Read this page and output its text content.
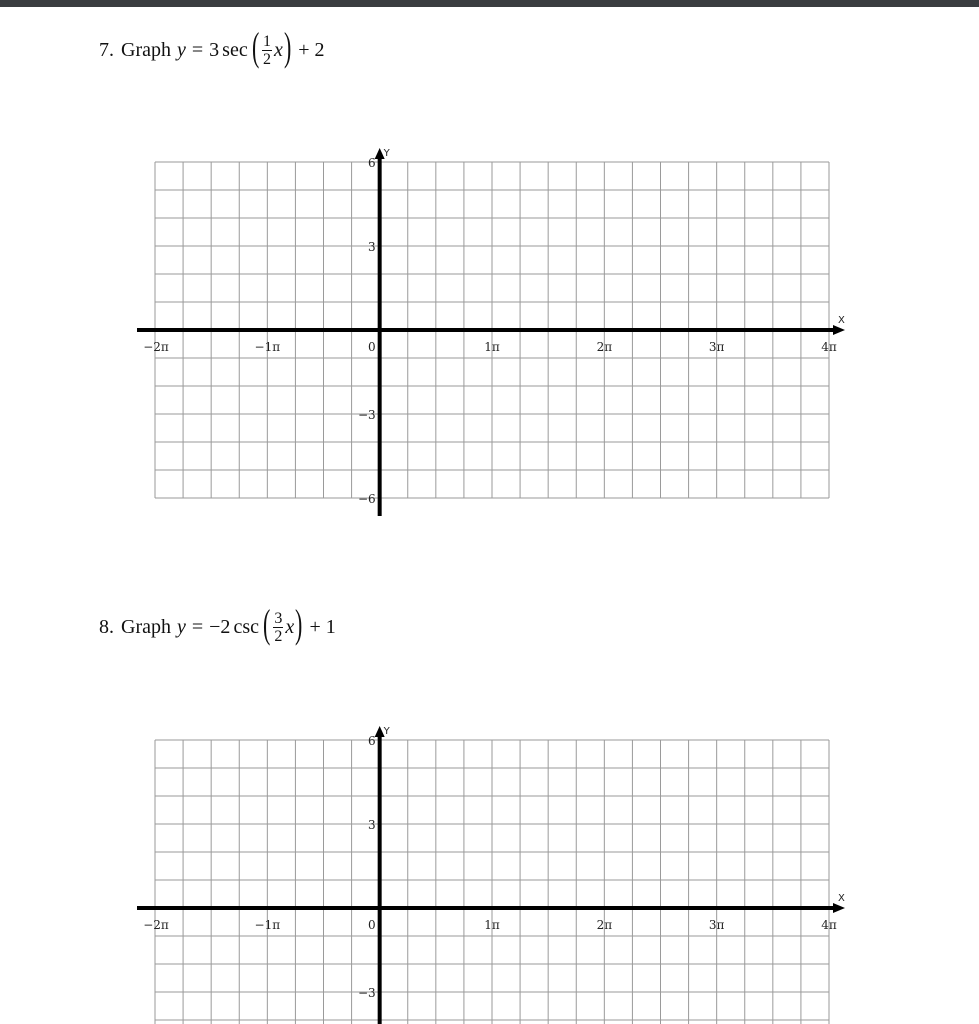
7. Graph y = 3 sec ( $\frac{1}{2}$ x ) + 2
X
Y
−2π	−1π	0	1π	2π	3π	4π
6
3
−3
−6
8. Graph y = −2 csc ( $\frac{3}{2}$ x ) + 1
X
Y
−2π	−1π	0	1π	2π	3π	4π
6
3
−3
